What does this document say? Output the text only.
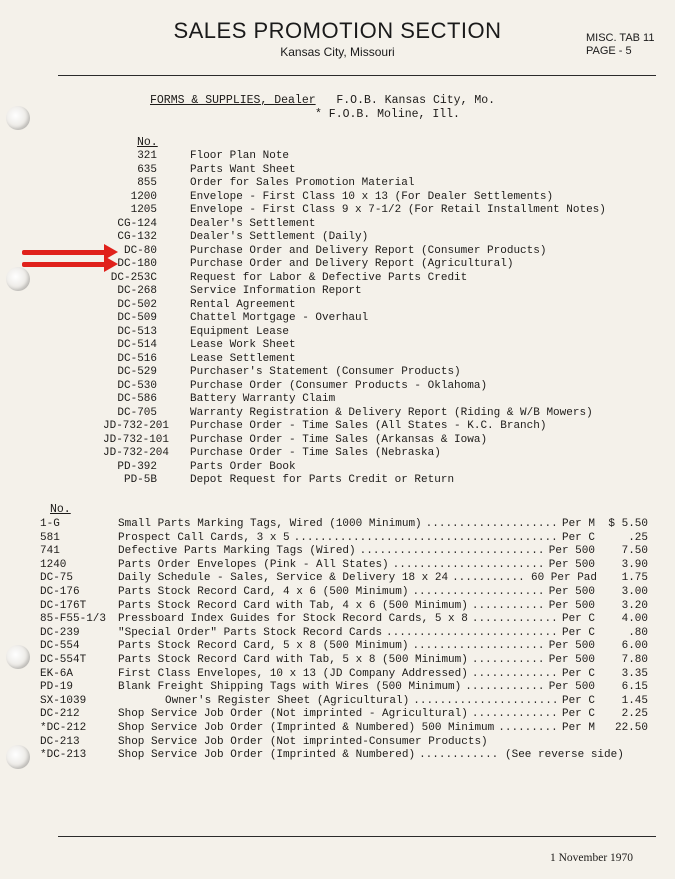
SALES PROMOTION SECTION
Kansas City, Missouri
MISC. TAB 11
PAGE - 5
FORMS & SUPPLIES, Dealer F.O.B. Kansas City, Mo.
* F.O.B. Moline, Ill.
No.
321	Floor Plan Note
635	Parts Want Sheet
855	Order for Sales Promotion Material
1200	Envelope - First Class 10 x 13 (For Dealer Settlements)
1205	Envelope - First Class 9 x 7-1/2 (For Retail Installment Notes)
CG-124	Dealer's Settlement
CG-132	Dealer's Settlement (Daily)
DC-80	Purchase Order and Delivery Report (Consumer Products)
DC-180	Purchase Order and Delivery Report (Agricultural)
DC-253C	Request for Labor & Defective Parts Credit
DC-268	Service Information Report
DC-502	Rental Agreement
DC-509	Chattel Mortgage - Overhaul
DC-513	Equipment Lease
DC-514	Lease Work Sheet
DC-516	Lease Settlement
DC-529	Purchaser's Statement (Consumer Products)
DC-530	Purchase Order (Consumer Products - Oklahoma)
DC-586	Battery Warranty Claim
DC-705	Warranty Registration & Delivery Report (Riding & W/B Mowers)
JD-732-201 Purchase Order - Time Sales (All States - K.C. Branch)
JD-732-101 Purchase Order - Time Sales (Arkansas & Iowa)
JD-732-204 Purchase Order - Time Sales (Nebraska)
PD-392	Parts Order Book
PD-5B	Depot Request for Parts Credit or Return
No.
1-G	Small Parts Marking Tags, Wired (1000 Minimum)	Per M	$ 5.50
....................
581	Prospect Call Cards, 3 x 5	Per C	.25
........................................
741	Defective Parts Marking Tags (Wired)	Per 500	7.50
............................
1240	Parts Order Envelopes (Pink - All States)	Per 500	3.90
.......................
DC-75	Daily Schedule - Sales, Service & Delivery 18 x 24	60 Per Pad	1.75
...........
DC-176	Parts Stock Record Card, 4 x 6 (500 Minimum)	Per 500	3.00
....................
DC-176T	Parts Stock Record Card with Tab, 4 x 6 (500 Minimum)	Per 500	3.20
...........
85-F55-1/3 Pressboard Index Guides for Stock Record Cards, 5 x 8	Per C	4.00
.............
DC-239	"Special Order" Parts Stock Record Cards	Per C	.80
..........................
DC-554	Parts Stock Record Card, 5 x 8 (500 Minimum)	Per 500	6.00
....................
DC-554T	Parts Stock Record Card with Tab, 5 x 8 (500 Minimum)	Per 500	7.80
...........
EK-6A	First Class Envelopes, 10 x 13 (JD Company Addressed)	Per C	3.35
.............
PD-19	Blank Freight Shipping Tags with Wires (500 Minimum)	Per 500	6.15
............
SX-1039	Owner's Register Sheet (Agricultural)	Per C	1.45
......................
DC-212	Shop Service Job Order (Not imprinted - Agricultural)	Per C	2.25
.............
*DC-212	Shop Service Job Order (Imprinted & Numbered) 500 Minimum	Per M	22.50
.........
DC-213	Shop Service Job Order (Not imprinted-Consumer Products)
*DC-213	Shop Service Job Order (Imprinted & Numbered)	(See reverse side)
............
1 November 1970
